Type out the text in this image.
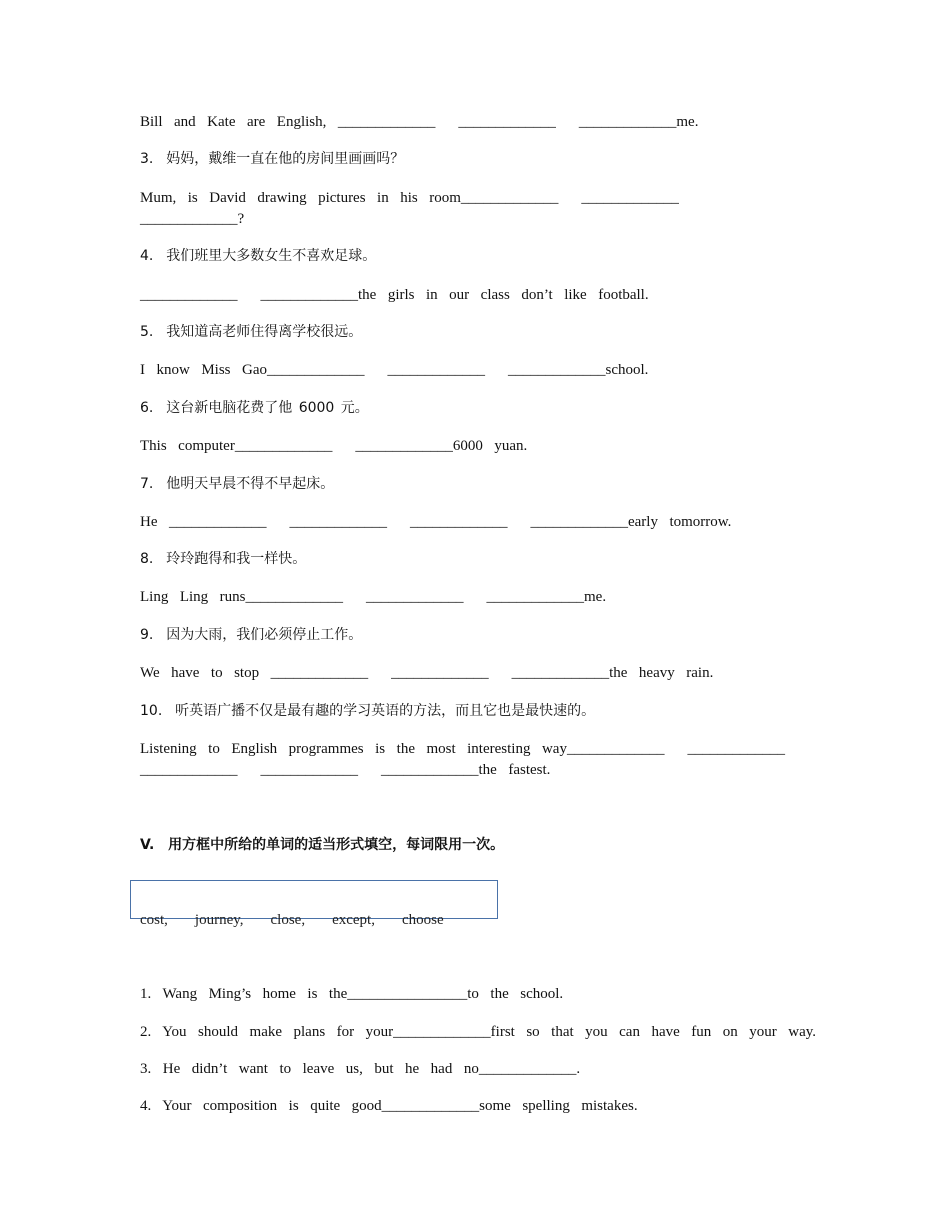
Bill  and  Kate  are  English,  _____________    _____________    _____________me.
3.  妈妈，戴维一直在他的房间里画画吗？
Mum,  is  David  drawing  pictures  in  his  room_____________    _____________
_____________?
4.  我们班里大多数女生不喜欢足球。
_____________    _____________the  girls  in  our  class  don’t  like  football.
5.  我知道高老师住得离学校很远。
I  know  Miss  Gao_____________    _____________    _____________school.
6.  这台新电脑花费了他 6000 元。
This  computer_____________    _____________6000  yuan.
7.  他明天早晨不得不早起床。
He  _____________    _____________    _____________    _____________early  tomorrow.
8.  玲玲跑得和我一样快。
Ling  Ling  runs_____________    _____________    _____________me.
9.  因为大雨，我们必须停止工作。
We  have  to  stop  _____________    _____________    _____________the  heavy  rain.
10.  听英语广播不仅是最有趣的学习英语的方法，而且它也是最快速的。
Listening  to  English  programmes  is  the  most  interesting  way_____________    _____________
_____________    _____________    _____________the  fastest.
V.  用方框中所给的单词的适当形式填空，每词限用一次。
cost,    journey,    close,    except,    choose
1.  Wang  Ming’s  home  is  the________________to  the  school.
2.  You  should  make  plans  for  your_____________first  so  that  you  can  have  fun  on  your  way.
3.  He  didn’t  want  to  leave  us,  but  he  had  no_____________.
4.  Your  composition  is  quite  good_____________some  spelling  mistakes.
